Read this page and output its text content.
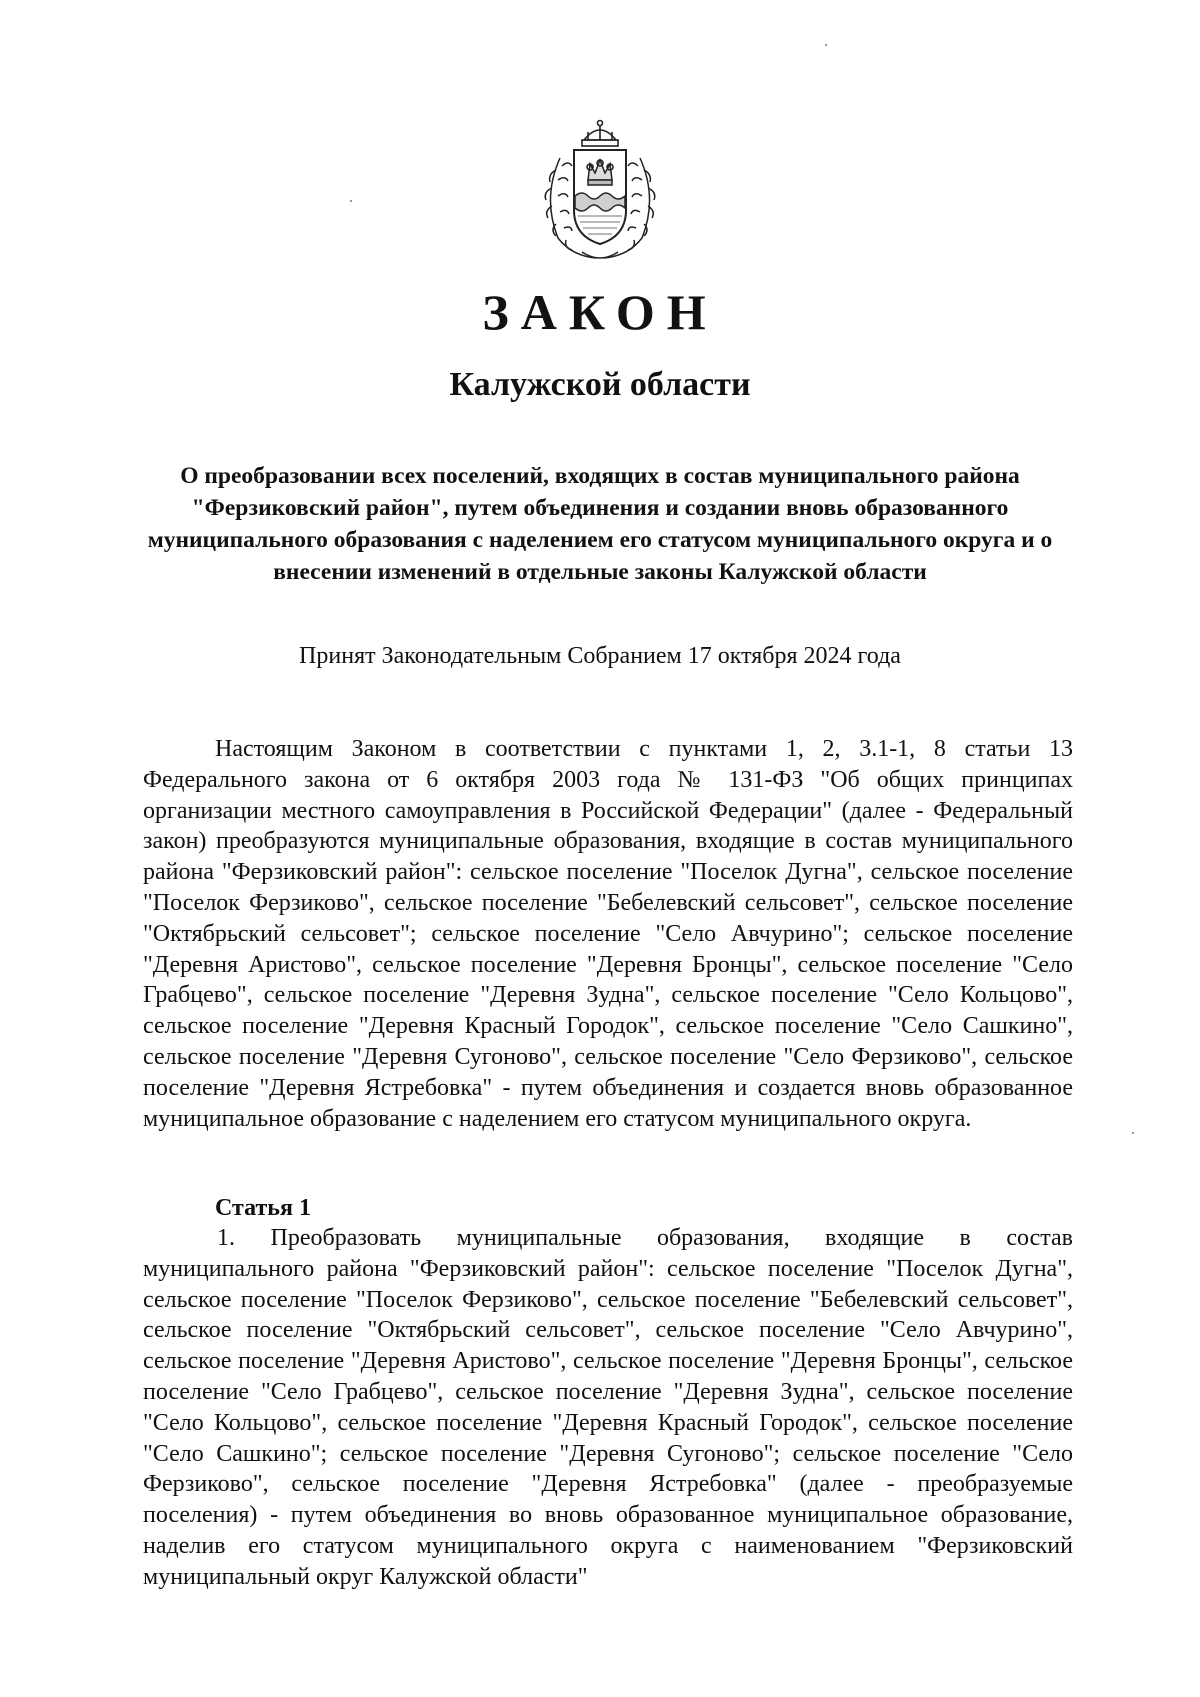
ЗАКОН
Калужской области
О преобразовании всех поселений, входящих в состав муниципального района "Ферзиковский район", путем объединения и создании вновь образованного муниципального образования с наделением его статусом муниципального округа и о внесении изменений в отдельные законы Калужской области
Принят Законодательным Собранием 17 октября 2024 года

Настоящим Законом в соответствии с пунктами 1, 2, 3.1-1, 8 статьи 13 Федерального закона от 6 октября 2003 года № 131-ФЗ "Об общих принципах организации местного самоуправления в Российской Федерации" (далее - Федеральный закон) преобразуются муниципальные образования, входящие в состав муниципального района "Ферзиковский район": сельское поселение "Поселок Дугна", сельское поселение "Поселок Ферзиково", сельское поселение "Бебелевский сельсовет", сельское поселение "Октябрьский сельсовет"; сельское поселение "Село Авчурино"; сельское поселение "Деревня Аристово", сельское поселение "Деревня Бронцы", сельское поселение "Село Грабцево", сельское поселение "Деревня Зудна", сельское поселение "Село Кольцово", сельское поселение "Деревня Красный Городок", сельское поселение "Село Сашкино", сельское поселение "Деревня Сугоново", сельское поселение "Село Ферзиково", сельское поселение "Деревня Ястребовка" - путем объединения и создается вновь образованное муниципальное образование с наделением его статусом муниципального округа.

Статья 1

1. Преобразовать муниципальные образования, входящие в состав муниципального района "Ферзиковский район": сельское поселение "Поселок Дугна", сельское поселение "Поселок Ферзиково", сельское поселение "Бебелевский сельсовет", сельское поселение "Октябрьский сельсовет", сельское поселение "Село Авчурино", сельское поселение "Деревня Аристово", сельское поселение "Деревня Бронцы", сельское поселение "Село Грабцево", сельское поселение "Деревня Зудна", сельское поселение "Село Кольцово", сельское поселение "Деревня Красный Городок", сельское поселение "Село Сашкино"; сельское поселение "Деревня Сугоново"; сельское поселение "Село Ферзиково", сельское поселение "Деревня Ястребовка" (далее - преобразуемые поселения) - путем объединения во вновь образованное муниципальное образование, наделив его статусом муниципального округа с наименованием "Ферзиковский муниципальный округ Калужской области"
